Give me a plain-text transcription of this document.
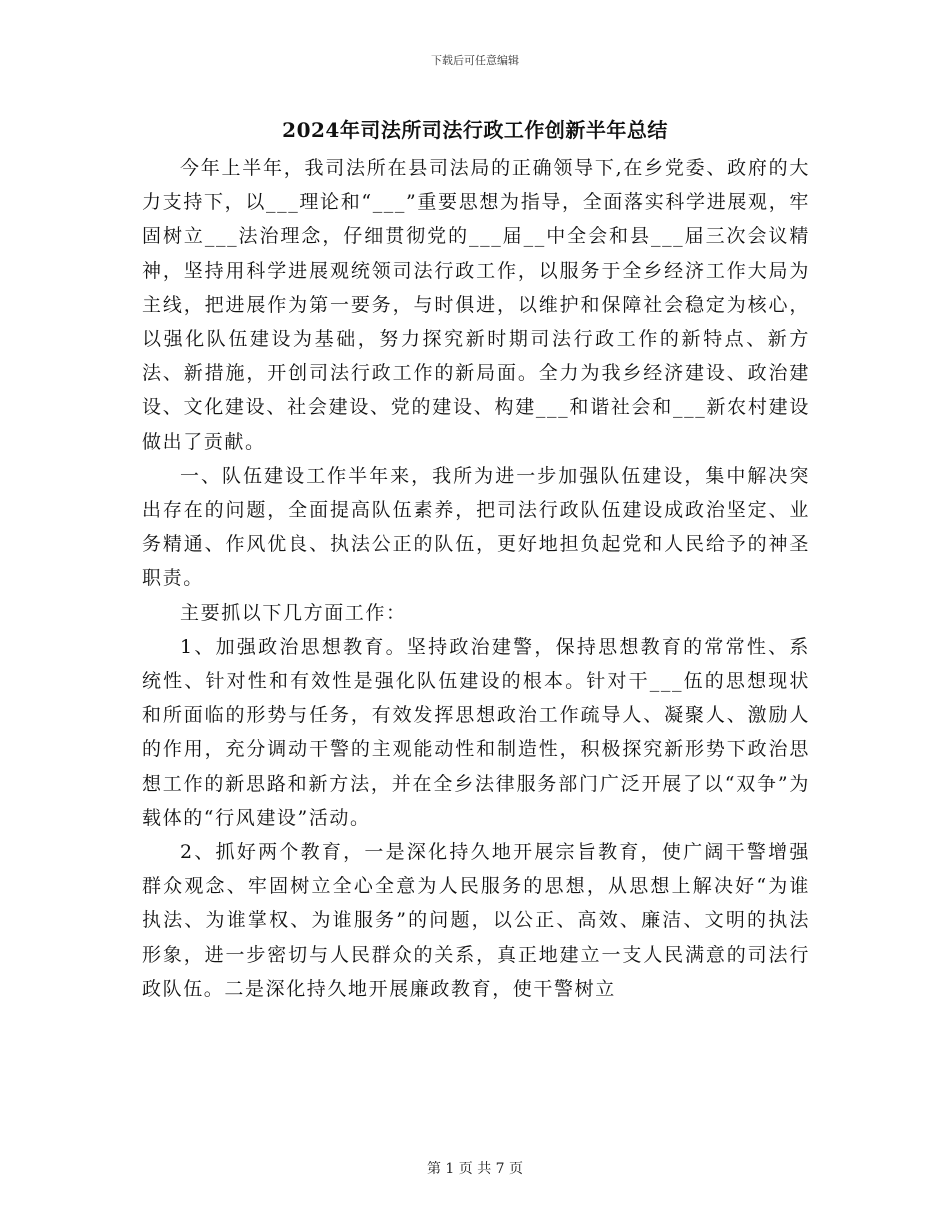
下载后可任意编辑
2024年司法所司法行政工作创新半年总结

今年上半年，我司法所在县司法局的正确领导下,在乡党委、政府的大力支持下，以___理论和“___”重要思想为指导，全面落实科学进展观，牢固树立___法治理念，仔细贯彻党的___届__中全会和县___届三次会议精神，坚持用科学进展观统领司法行政工作，以服务于全乡经济工作大局为主线，把进展作为第一要务，与时俱进，以维护和保障社会稳定为核心，以强化队伍建设为基础，努力探究新时期司法行政工作的新特点、新方法、新措施，开创司法行政工作的新局面。全力为我乡经济建设、政治建设、文化建设、社会建设、党的建设、构建___和谐社会和___新农村建设做出了贡献。

一、队伍建设工作半年来，我所为进一步加强队伍建设，集中解决突出存在的问题，全面提高队伍素养，把司法行政队伍建设成政治坚定、业务精通、作风优良、执法公正的队伍，更好地担负起党和人民给予的神圣职责。

主要抓以下几方面工作：

1、加强政治思想教育。坚持政治建警，保持思想教育的常常性、系统性、针对性和有效性是强化队伍建设的根本。针对干___伍的思想现状和所面临的形势与任务，有效发挥思想政治工作疏导人、凝聚人、激励人的作用，充分调动干警的主观能动性和制造性，积极探究新形势下政治思想工作的新思路和新方法，并在全乡法律服务部门广泛开展了以“双争”为载体的“行风建设”活动。

2、抓好两个教育，一是深化持久地开展宗旨教育，使广阔干警增强群众观念、牢固树立全心全意为人民服务的思想，从思想上解决好“为谁执法、为谁掌权、为谁服务”的问题，以公正、高效、廉洁、文明的执法形象，进一步密切与人民群众的关系，真正地建立一支人民满意的司法行政队伍。二是深化持久地开展廉政教育，使干警树立

第 1 页 共 7 页
